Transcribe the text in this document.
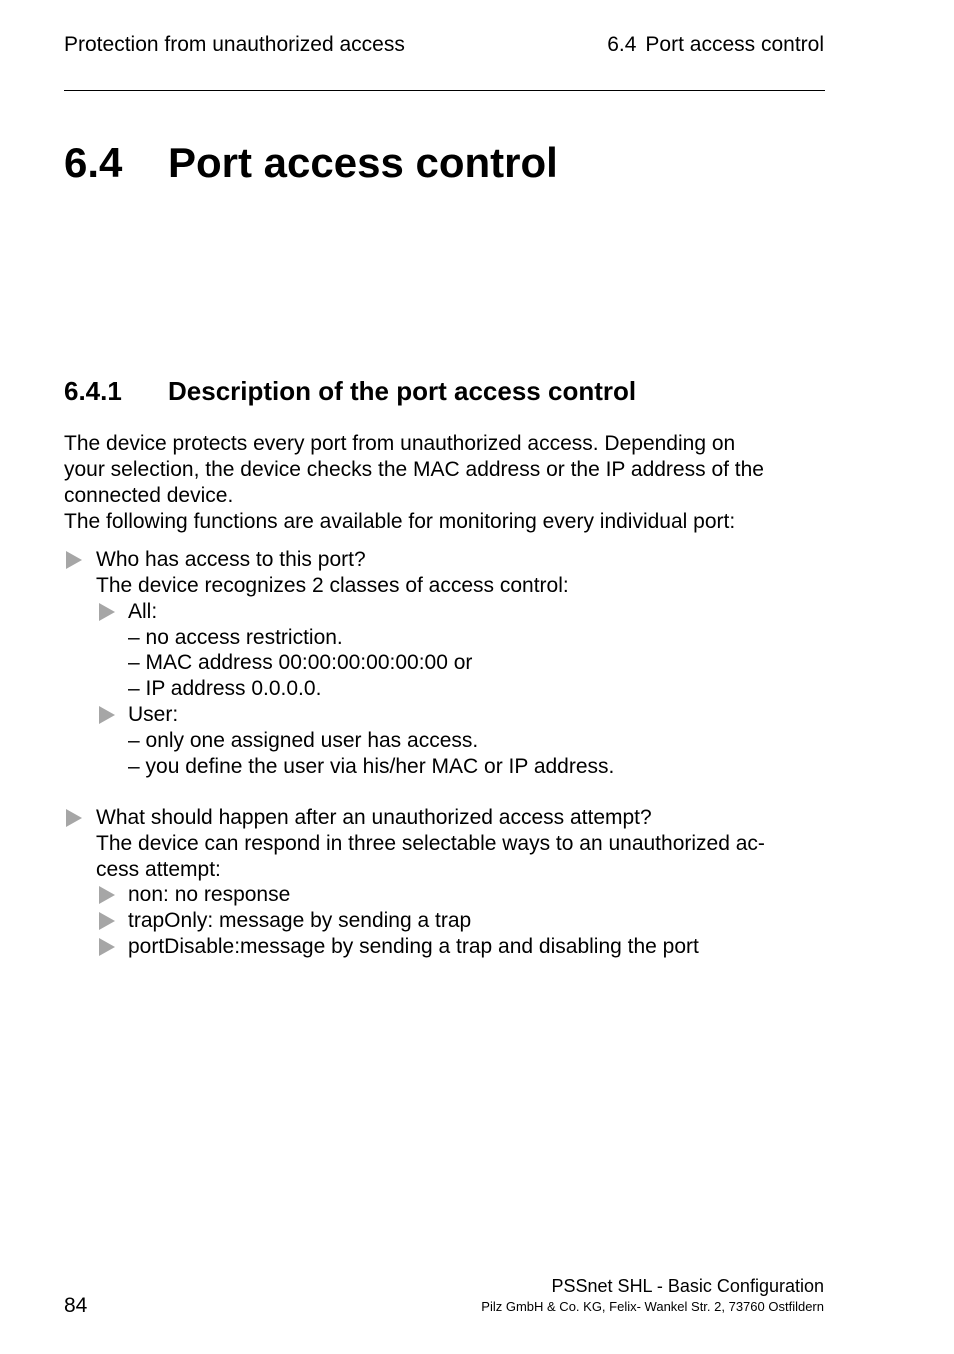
Protection from unauthorized access	6.4 Port access control
6.4 Port access control
6.4.1 Description of the port access control
The device protects every port from unauthorized access. Depending on
your selection, the device checks the MAC address or the IP address of the
connected device.
The following functions are available for monitoring every individual port:
Who has access to this port?
The device recognizes 2 classes of access control:
All:
– no access restriction.
– MAC address 00:00:00:00:00:00 or
– IP address 0.0.0.0.
User:
– only one assigned user has access.
– you define the user via his/her MAC or IP address.
What should happen after an unauthorized access attempt?
The device can respond in three selectable ways to an unauthorized ac-
cess attempt:
non: no response
trapOnly: message by sending a trap
portDisable:message by sending a trap and disabling the port
84
PSSnet SHL - Basic Configuration
Pilz GmbH & Co. KG, Felix- Wankel Str. 2, 73760 Ostfildern
